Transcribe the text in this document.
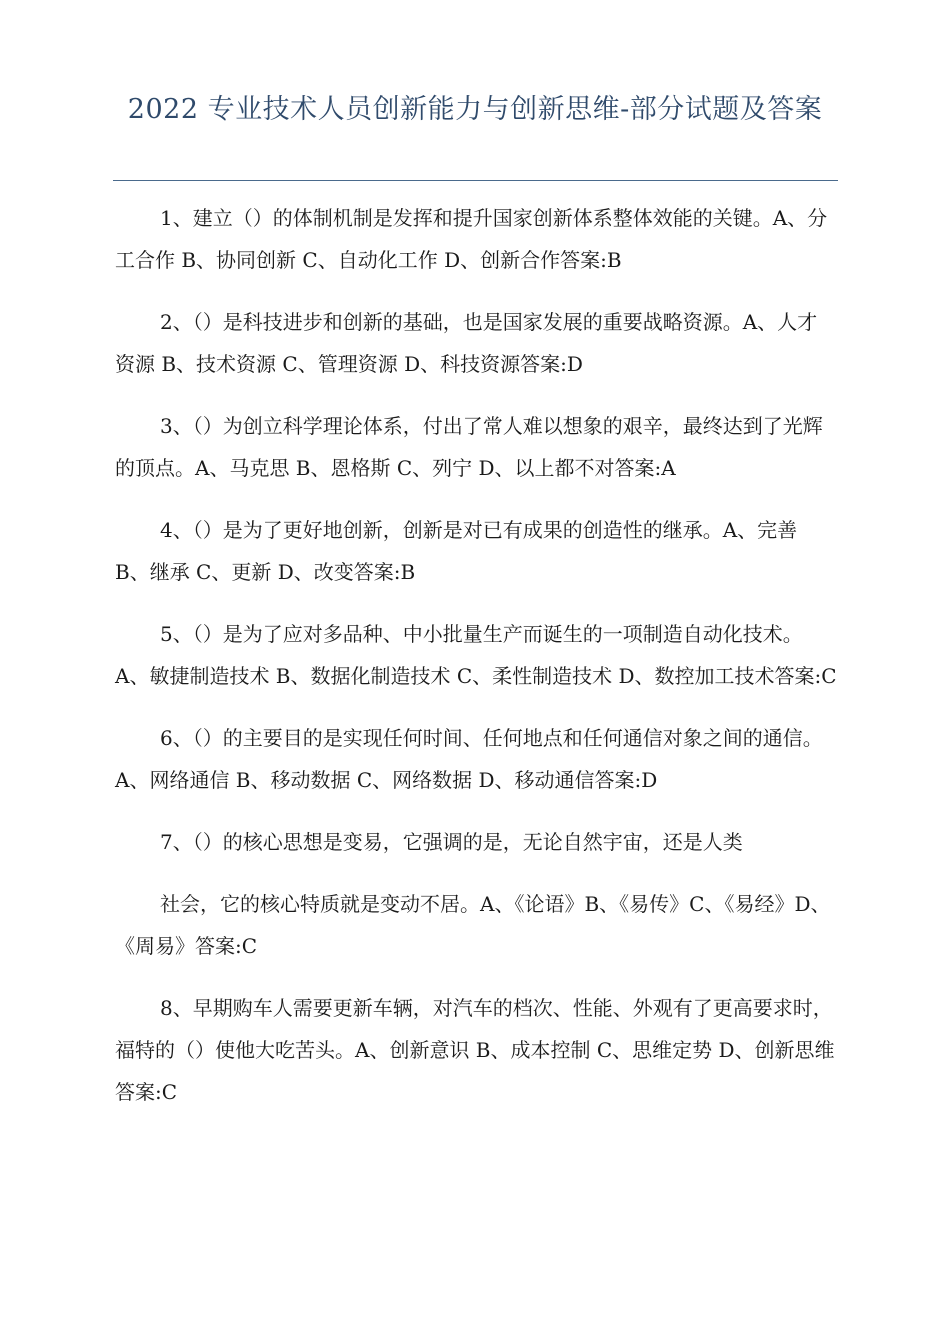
2022 专业技术人员创新能力与创新思维-部分试题及答案

1、建立（）的体制机制是发挥和提升国家创新体系整体效能的关键。A、分工合作 B、协同创新 C、自动化工作 D、创新合作答案:B

2、（）是科技进步和创新的基础，也是国家发展的重要战略资源。A、人才资源 B、技术资源 C、管理资源 D、科技资源答案:D

3、（）为创立科学理论体系，付出了常人难以想象的艰辛，最终达到了光辉的顶点。A、马克思 B、恩格斯 C、列宁 D、以上都不对答案:A

4、（）是为了更好地创新，创新是对已有成果的创造性的继承。A、完善 B、继承 C、更新 D、改变答案:B

5、（）是为了应对多品种、中小批量生产而诞生的一项制造自动化技术。A、敏捷制造技术 B、数据化制造技术 C、柔性制造技术 D、数控加工技术答案:C

6、（）的主要目的是实现任何时间、任何地点和任何通信对象之间的通信。A、网络通信 B、移动数据 C、网络数据 D、移动通信答案:D

7、（）的核心思想是变易，它强调的是，无论自然宇宙，还是人类

社会，它的核心特质就是变动不居。A、《论语》B、《易传》C、《易经》D、《周易》答案:C

8、早期购车人需要更新车辆，对汽车的档次、性能、外观有了更高要求时，福特的（）使他大吃苦头。A、创新意识 B、成本控制 C、思维定势 D、创新思维答案:C
